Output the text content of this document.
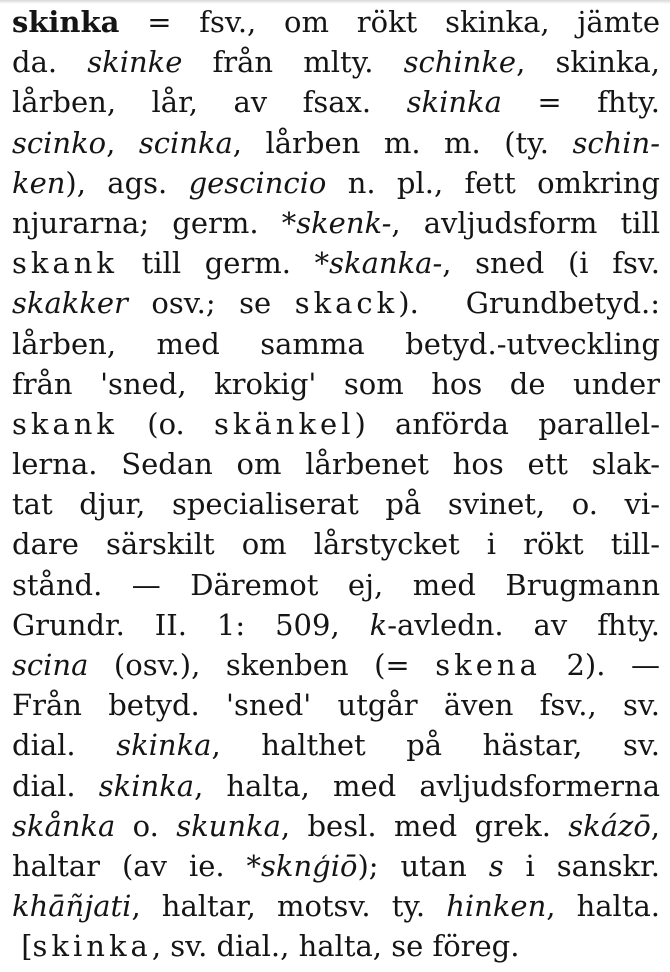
skinka = fsv., om rökt skinka, jämte
da. skinke från mlty. schinke, skinka,
lårben, lår, av fsax. skinka = fhty.
scinko, scinka, lårben m. m. (ty. schin-
ken), ags. gescincio n. pl., fett omkring
njurarna; germ. *skenk-, avljudsform till
skank till germ. *skanka-, sned (i fsv.
skakker osv.; se skack).  Grundbetyd.:
lårben, med samma betyd.-utveckling
från 'sned, krokig' som hos de under
skank (o. skänkel) anförda parallel-
lerna. Sedan om lårbenet hos ett slak-
tat djur, specialiserat på svinet, o. vi-
dare särskilt om lårstycket i rökt till-
stånd. — Däremot ej, med Brugmann
Grundr. II. 1: 509, k-avledn. av fhty.
scina (osv.), skenben (= skena 2). —
Från betyd. 'sned' utgår även fsv., sv.
dial. skinka, halthet på hästar, sv.
dial. skinka, halta, med avljudsformerna
skånka o. skunka, besl. med grek. skázō,
haltar (av ie. *sknģiō); utan s i sanskr.
khāñjati, haltar, motsv. ty. hinken, halta.
[skinka, sv. dial., halta, se föreg.
